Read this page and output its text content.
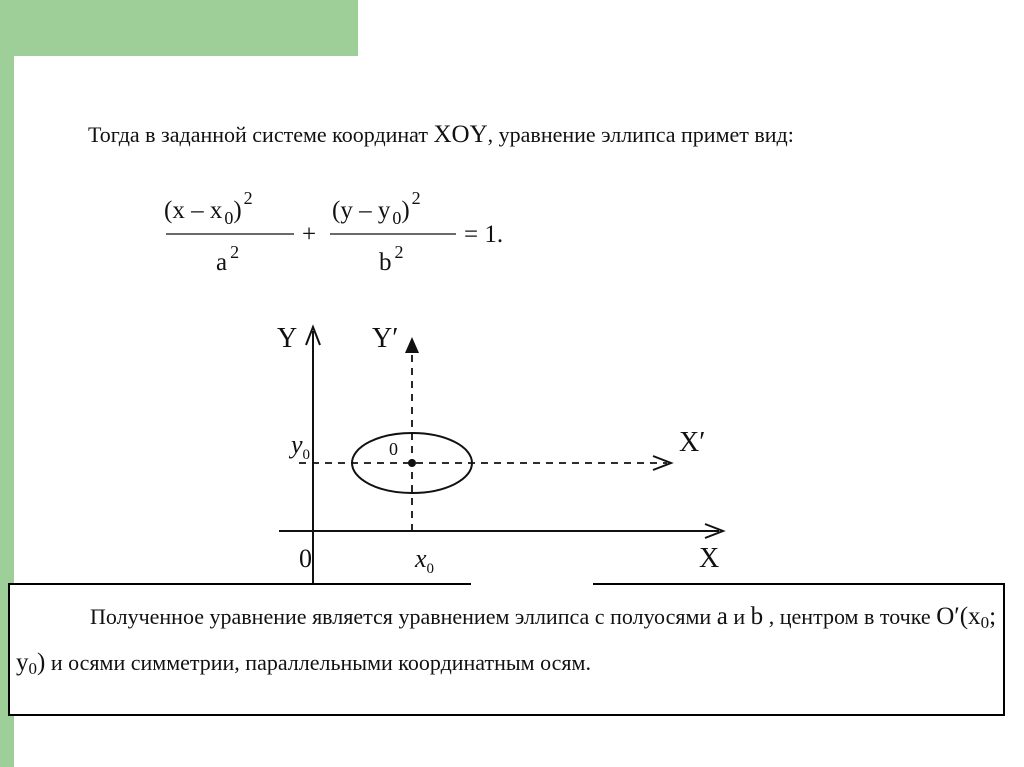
Тогда в заданной системе координат XOY, уравнение эллипса примет вид:
(x – x $_0$) $^2$
a $^2$
+
(y – y $_0$) $^2$
b $^2$
= 1.
Y	Y′
X′
X
0
0
$y_0$
$x_0$
Полученное уравнение является уравнением эллипса с полуосями a и b , центром в точке $O'(x_0$; $y_0$) и осями симметрии, параллельными координатным осям.
